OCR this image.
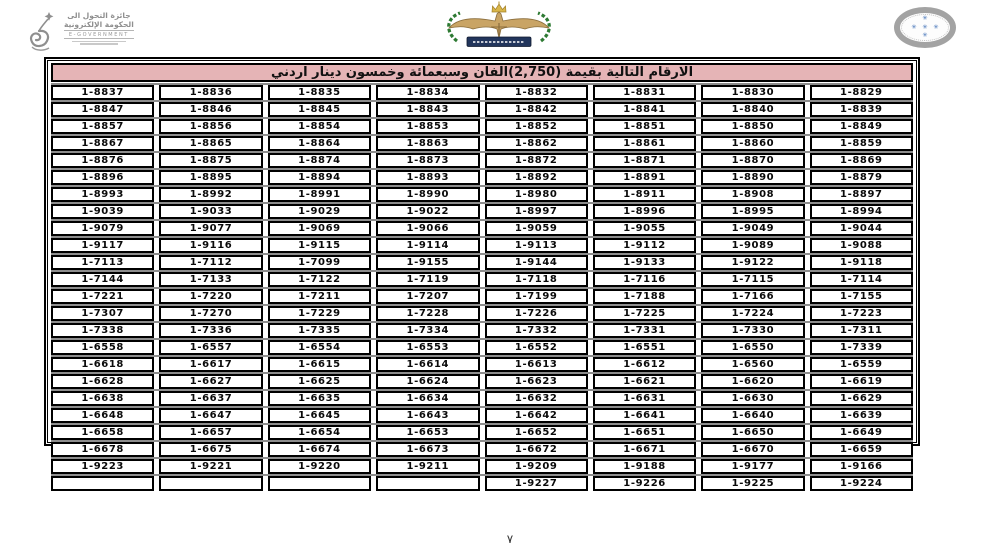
جائزة التحول الى
الحكومة الإلكترونية
E-GOVERNMENT
✳
✳ ✳ ✳
✳
الارقام التالية بقيمة (2,750)الفان وسبعمائة وخمسون دينار اردني
1-8837	1-8836	1-8835	1-8834	1-8832	1-8831	1-8830	1-8829
1-8847	1-8846	1-8845	1-8843	1-8842	1-8841	1-8840	1-8839
1-8857	1-8856	1-8854	1-8853	1-8852	1-8851	1-8850	1-8849
1-8867	1-8865	1-8864	1-8863	1-8862	1-8861	1-8860	1-8859
1-8876	1-8875	1-8874	1-8873	1-8872	1-8871	1-8870	1-8869
1-8896	1-8895	1-8894	1-8893	1-8892	1-8891	1-8890	1-8879
1-8993	1-8992	1-8991	1-8990	1-8980	1-8911	1-8908	1-8897
1-9039	1-9033	1-9029	1-9022	1-8997	1-8996	1-8995	1-8994
1-9079	1-9077	1-9069	1-9066	1-9059	1-9055	1-9049	1-9044
1-9117	1-9116	1-9115	1-9114	1-9113	1-9112	1-9089	1-9088
1-7113	1-7112	1-7099	1-9155	1-9144	1-9133	1-9122	1-9118
1-7144	1-7133	1-7122	1-7119	1-7118	1-7116	1-7115	1-7114
1-7221	1-7220	1-7211	1-7207	1-7199	1-7188	1-7166	1-7155
1-7307	1-7270	1-7229	1-7228	1-7226	1-7225	1-7224	1-7223
1-7338	1-7336	1-7335	1-7334	1-7332	1-7331	1-7330	1-7311
1-6558	1-6557	1-6554	1-6553	1-6552	1-6551	1-6550	1-7339
1-6618	1-6617	1-6615	1-6614	1-6613	1-6612	1-6560	1-6559
1-6628	1-6627	1-6625	1-6624	1-6623	1-6621	1-6620	1-6619
1-6638	1-6637	1-6635	1-6634	1-6632	1-6631	1-6630	1-6629
1-6648	1-6647	1-6645	1-6643	1-6642	1-6641	1-6640	1-6639
1-6658	1-6657	1-6654	1-6653	1-6652	1-6651	1-6650	1-6649
1-6678	1-6675	1-6674	1-6673	1-6672	1-6671	1-6670	1-6659
1-9223	1-9221	1-9220	1-9211	1-9209	1-9188	1-9177	1-9166
1-9227	1-9226	1-9225	1-9224
٧
